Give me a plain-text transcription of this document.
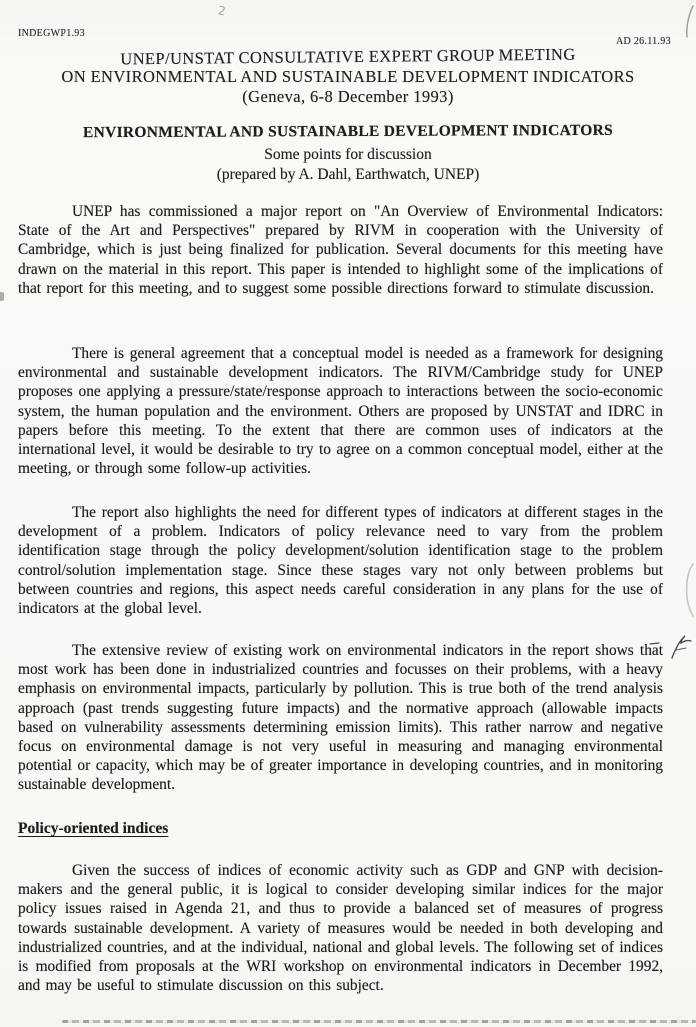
INDEGWP1.93
AD 26.11.93
2
UNEP/UNSTAT CONSULTATIVE EXPERT GROUP MEETING
ON ENVIRONMENTAL AND SUSTAINABLE DEVELOPMENT INDICATORS
(Geneva, 6-8 December 1993)
ENVIRONMENTAL AND SUSTAINABLE DEVELOPMENT INDICATORS
Some points for discussion
(prepared by A. Dahl, Earthwatch, UNEP)

UNEP has commissioned a major report on "An Overview of Environmental Indicators: State of the Art and Perspectives" prepared by RIVM in cooperation with the University of Cambridge, which is just being finalized for publication. Several documents for this meeting have drawn on the material in this report. This paper is intended to highlight some of the implications of that report for this meeting, and to suggest some possible directions forward to stimulate discussion.

There is general agreement that a conceptual model is needed as a framework for designing environmental and sustainable development indicators. The RIVM/Cambridge study for UNEP proposes one applying a pressure/state/response approach to interactions between the socio-economic system, the human population and the environment. Others are proposed by UNSTAT and IDRC in papers before this meeting. To the extent that there are common uses of indicators at the international level, it would be desirable to try to agree on a common conceptual model, either at the meeting, or through some follow-up activities.

The report also highlights the need for different types of indicators at different stages in the development of a problem. Indicators of policy relevance need to vary from the problem identification stage through the policy development/solution identification stage to the problem control/solution implementation stage. Since these stages vary not only between problems but between countries and regions, this aspect needs careful consideration in any plans for the use of indicators at the global level.

The extensive review of existing work on environmental indicators in the report shows that most work has been done in industrialized countries and focusses on their problems, with a heavy emphasis on environmental impacts, particularly by pollution. This is true both of the trend analysis approach (past trends suggesting future impacts) and the normative approach (allowable impacts based on vulnerability assessments determining emission limits). This rather narrow and negative focus on environmental damage is not very useful in measuring and managing environmental potential or capacity, which may be of greater importance in developing countries, and in monitoring sustainable development.

Policy-oriented indices

Given the success of indices of economic activity such as GDP and GNP with decision-makers and the general public, it is logical to consider developing similar indices for the major policy issues raised in Agenda 21, and thus to provide a balanced set of measures of progress towards sustainable development. A variety of measures would be needed in both developing and industrialized countries, and at the individual, national and global levels. The following set of indices is modified from proposals at the WRI workshop on environmental indicators in December 1992, and may be useful to stimulate discussion on this subject.
